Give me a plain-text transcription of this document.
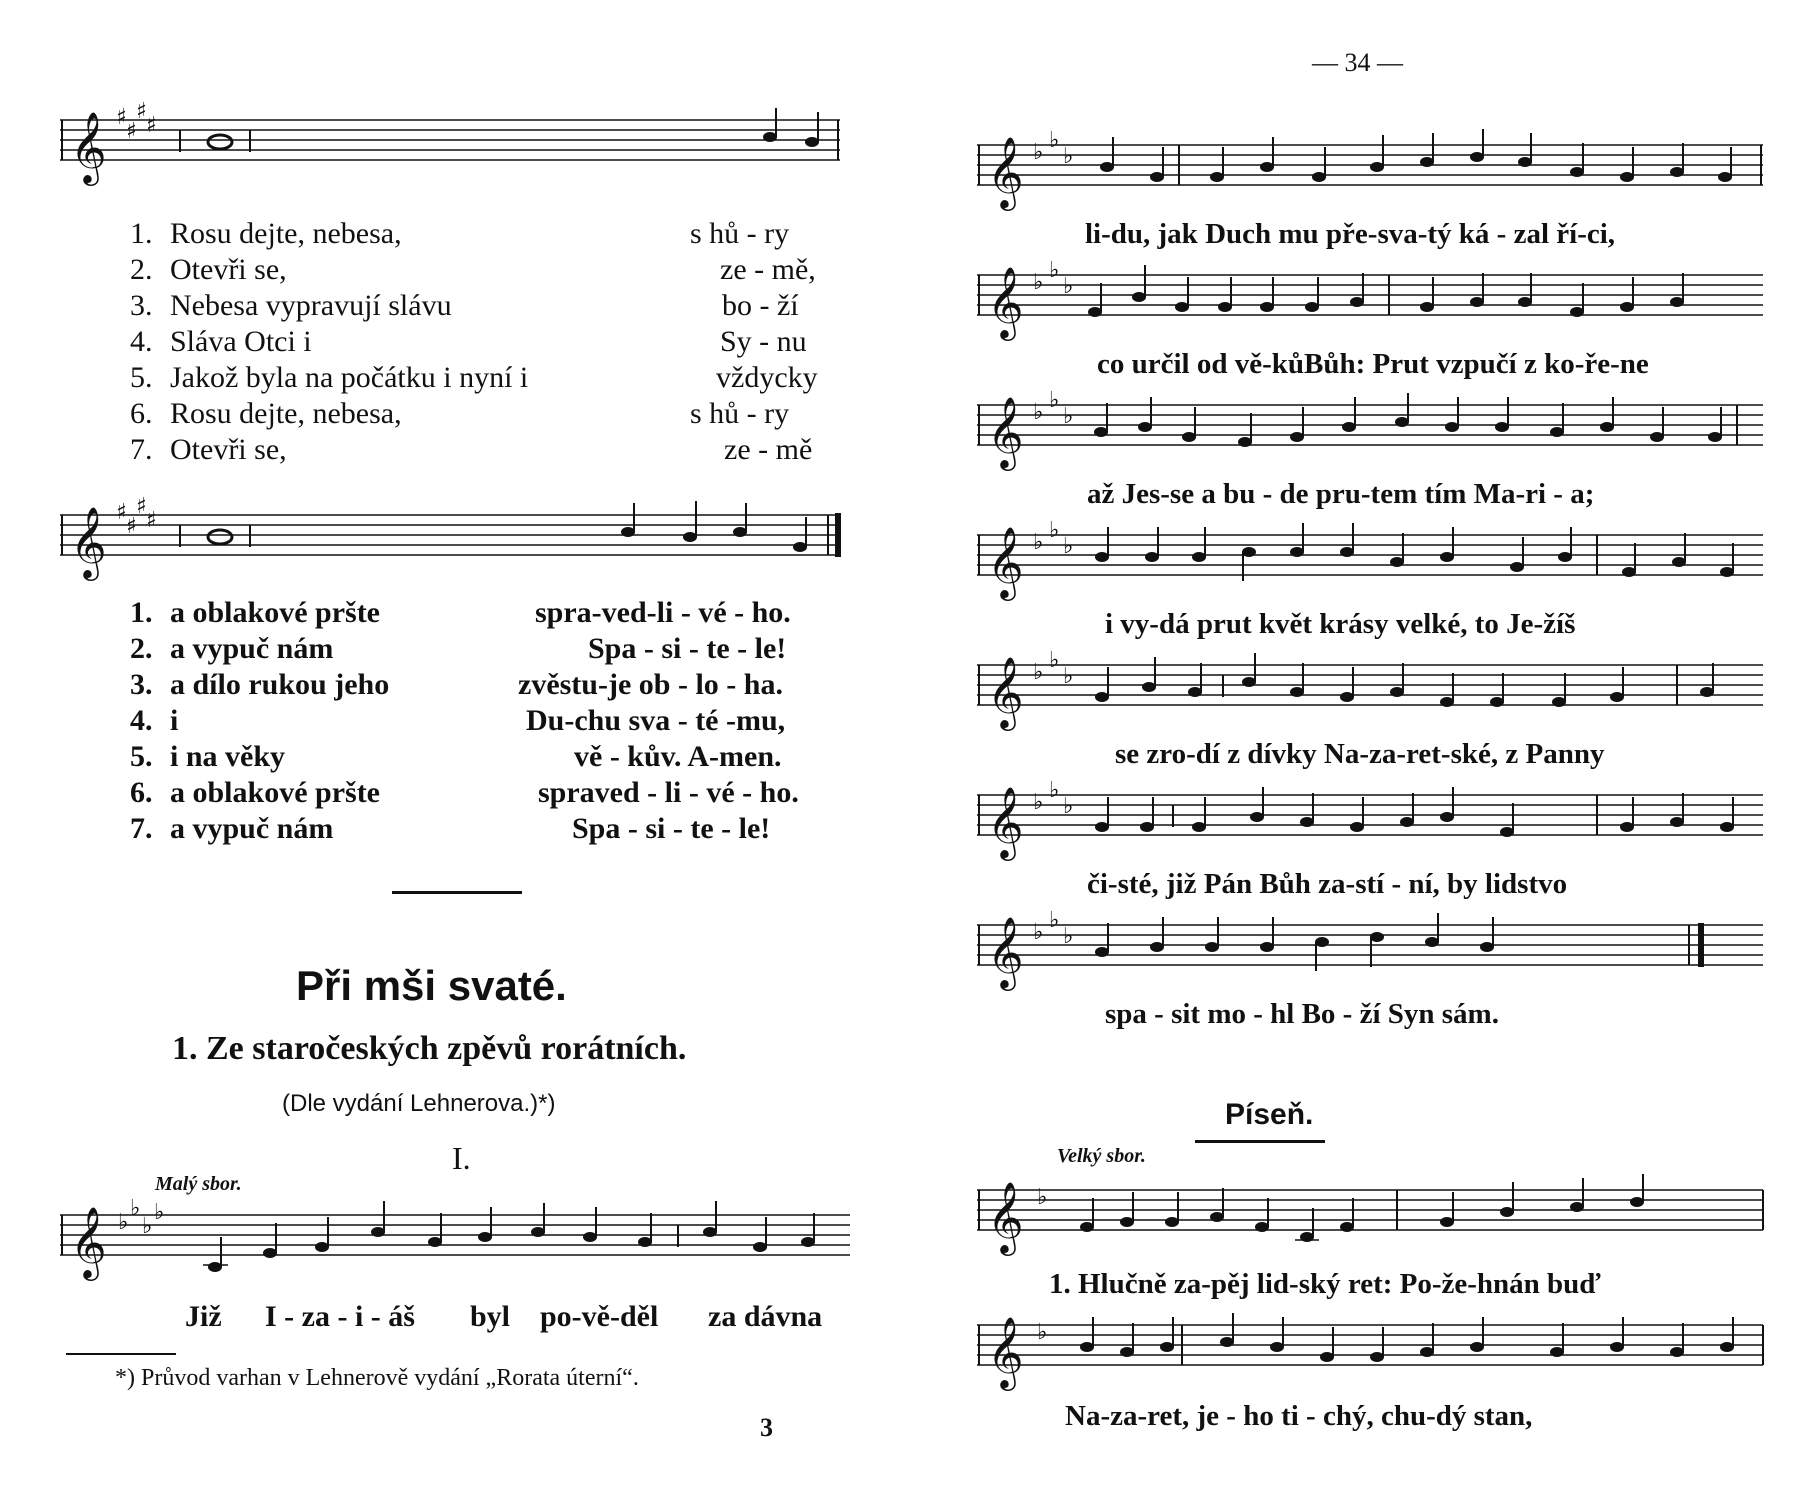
𝄞 ♯
♯
♯
♯
1. Rosu dejte, nebesa,	s hů - ry
2. Otevři se,	ze - mě,
3. Nebesa vypravují slávu	bo - ží
4. Sláva Otci i	Sy - nu
5. Jakož byla na počátku i nyní i	vždycky
6. Rosu dejte, nebesa,	s hů - ry
7. Otevři se,	ze - mě
𝄞 ♯
♯
♯
♯
1. a oblakové pršte	spra-ved-li - vé - ho.
2. a vypuč nám	Spa - si - te - le!
3. a dílo rukou jeho	zvěstu-je ob - lo - ha.
4. i	Du-chu sva - té -mu,
5. i na věky	vě - kův. A-men.
6. a oblakové pršte	spraved - li - vé - ho.
7. a vypuč nám	Spa - si - te - le!
Při mši svaté.
1. Ze staročeských zpěvů rorátních.
(Dle vydání Lehnerova.)*)
I.
Malý sbor.
𝄞 ♭
♭
♭
♭
Již I - za - i - áš byl po-vě-děl za dávna
*) Průvod varhan v Lehnerově vydání „Rorata úterní“.
3
— 34 —
𝄞 ♭ ♭
♭
li-du, jak Duch mu pře-sva-tý ká - zal ří-ci,
𝄞 ♭ ♭
♭
co určil od vě-kůBůh: Prut vzpučí z ko-ře-ne
𝄞 ♭ ♭
♭
až Jes-se a bu - de pru-tem tím Ma-ri - a;
𝄞 ♭ ♭
♭
i vy-dá prut květ krásy velké, to Je-žíš
𝄞 ♭ ♭
♭
se zro-dí z dívky Na-za-ret-ské, z Panny
𝄞 ♭ ♭
♭
či-sté, již Pán Bůh za-stí - ní, by lidstvo
𝄞 ♭ ♭
♭
spa - sit mo - hl Bo - ží Syn sám.
Píseň.
Velký sbor.
𝄞 ♭
1. Hlučně za-pěj lid-ský ret: Po-že-hnán buď
𝄞 ♭
Na-za-ret, je - ho ti - chý, chu-dý stan,
